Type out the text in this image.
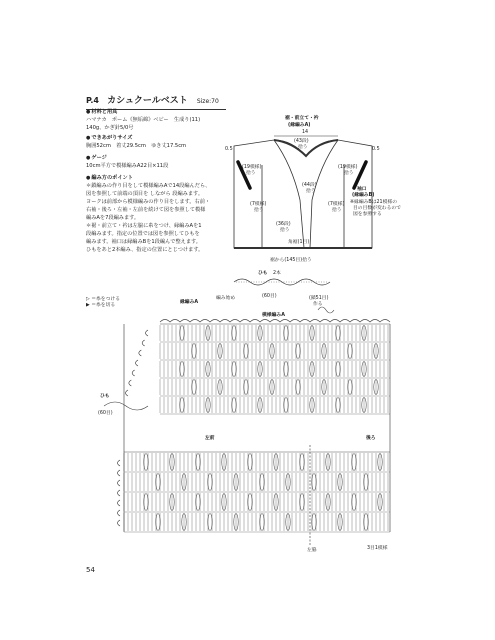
P.4 カシュクールベスト Size:70
● 材料と用具
ハマナカ　ポーム《無垢綿》ベビー　生成り(11)
140g、かぎ針5/0号
● できあがりサイズ
胸囲52cm　着丈29.5cm　ゆき丈17.5cm
● ゲージ
10cm平方で模様編みA22目×11段
● 編み方のポイント
＊鎖編みの作り目をして模様編みAで14段編んだら、
図を参照して前端の頂目を しながら 段編みます。
ヨークは前部から模様編みの作り目をします。右前・
右袖・後ろ・左袖・左前を続けて図を参照して模様
編みAを7段編みます。
＊裾・前立て・衿は左脇に糸をつけ、縁編みAを1
段編みます。指定の位置では図を参照してひもを
編みます。袖口は縁編みBを1段編んで整えます。
ひもをあと2本編み、指定の位置にとじつけます。
裾・前立て・衿
(縁編みA)
14
(43段)
拾う
0.5
(19模様)
拾う
(44段)
拾う
(7模様)
拾う
(36段)
拾う
0.5
(19模様)
拾う
(7模様)
拾う
袖口
(縁編みB)
※縁編みBは21模様の
目の目数が変わるので
図を参照する
角裾(1目)
裾から(145目)拾う
ひも 2本
編み始め	(60目)
▷ ＝糸をつける
▶ ＝糸を切る
縁編みA
模様編みA
(鎖51目)
作る
ひも
(60目)
左前	後ろ
左脇	3目1模様
54
